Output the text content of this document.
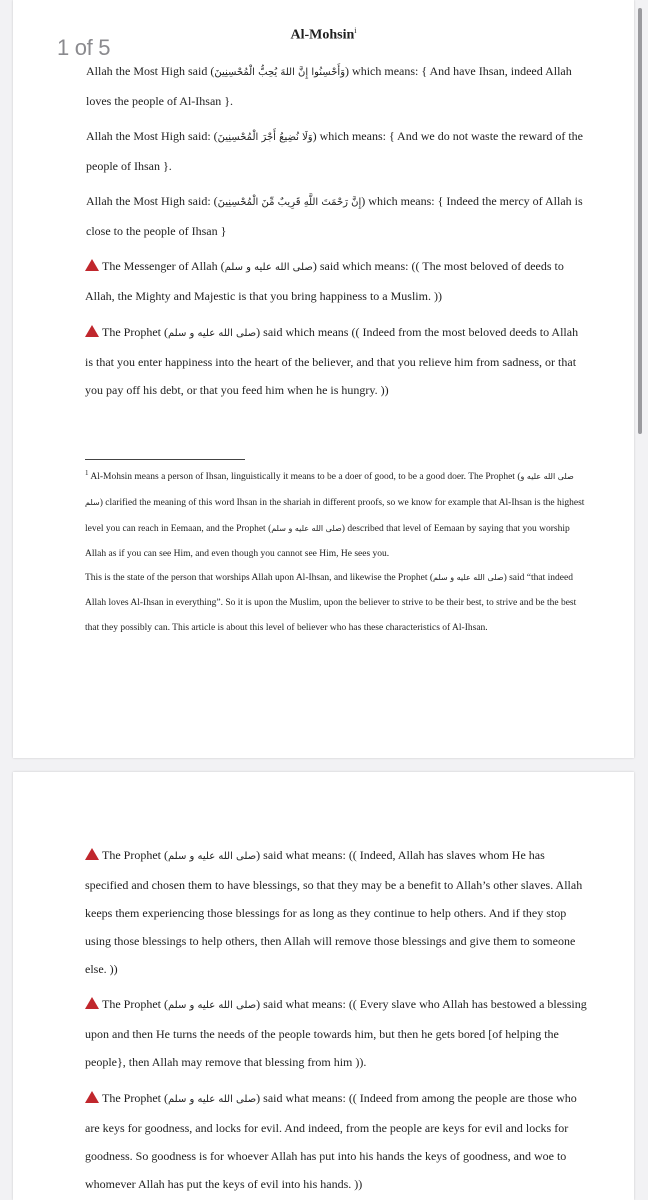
Al-Mohsin$^i$

Allah the Most High said (وَأَحْسِنُوا إِنَّ اللهَ يُحِبُّ الْمُحْسِنِينَ) which means: { And have Ihsan, indeed Allah loves the people of Al-Ihsan }.

Allah the Most High said: (وَلَا نُضِيعُ أَجْرَ الْمُحْسِنِينَ) which means: { And we do not waste the reward of the people of Ihsan }.

Allah the Most High said: (إِنَّ رَحْمَتَ اللَّهِ قَرِيبٌ مِّنَ الْمُحْسِنِينَ) which means: { Indeed the mercy of Allah is close to the people of Ihsan }

The Messenger of Allah (صلى الله عليه و سلم) said which means: (( The most beloved of deeds to Allah, the Mighty and Majestic is that you bring happiness to a Muslim. ))

The Prophet (صلى الله عليه و سلم) said which means (( Indeed from the most beloved deeds to Allah is that you enter happiness into the heart of the believer, and that you relieve him from sadness, or that you pay off his debt, or that you feed him when he is hungry. ))

$^1$ Al-Mohsin means a person of Ihsan, linguistically it means to be a doer of good, to be a good doer. The Prophet (صلى الله عليه و سلم) clarified the meaning of this word Ihsan in the shariah in different proofs, so we know for example that Al-Ihsan is the highest level you can reach in Eemaan, and the Prophet (صلى الله عليه و سلم) described that level of Eemaan by saying that you worship Allah as if you can see Him, and even though you cannot see Him, He sees you.

This is the state of the person that worships Allah upon Al-Ihsan, and likewise the Prophet (صلى الله عليه و سلم) said “that indeed Allah loves Al-Ihsan in everything”. So it is upon the Muslim, upon the believer to strive to be their best, to strive and be the best that they possibly can. This article is about this level of believer who has these characteristics of Al-Ihsan.

The Prophet (صلى الله عليه و سلم) said what means: (( Indeed, Allah has slaves whom He has specified and chosen them to have blessings, so that they may be a benefit to Allah’s other slaves. Allah keeps them experiencing those blessings for as long as they continue to help others. And if they stop using those blessings to help others, then Allah will remove those blessings and give them to someone else. ))

The Prophet (صلى الله عليه و سلم) said what means: (( Every slave who Allah has bestowed a blessing upon and then He turns the needs of the people towards him, but then he gets bored [of helping the people}, then Allah may remove that blessing from him )).

The Prophet (صلى الله عليه و سلم) said what means: (( Indeed from among the people are those who are keys for goodness, and locks for evil. And indeed, from the people are keys for evil and locks for goodness. So goodness is for whoever Allah has put into his hands the keys of goodness, and woe to whomever Allah has put the keys of evil into his hands. ))

1 of 5
